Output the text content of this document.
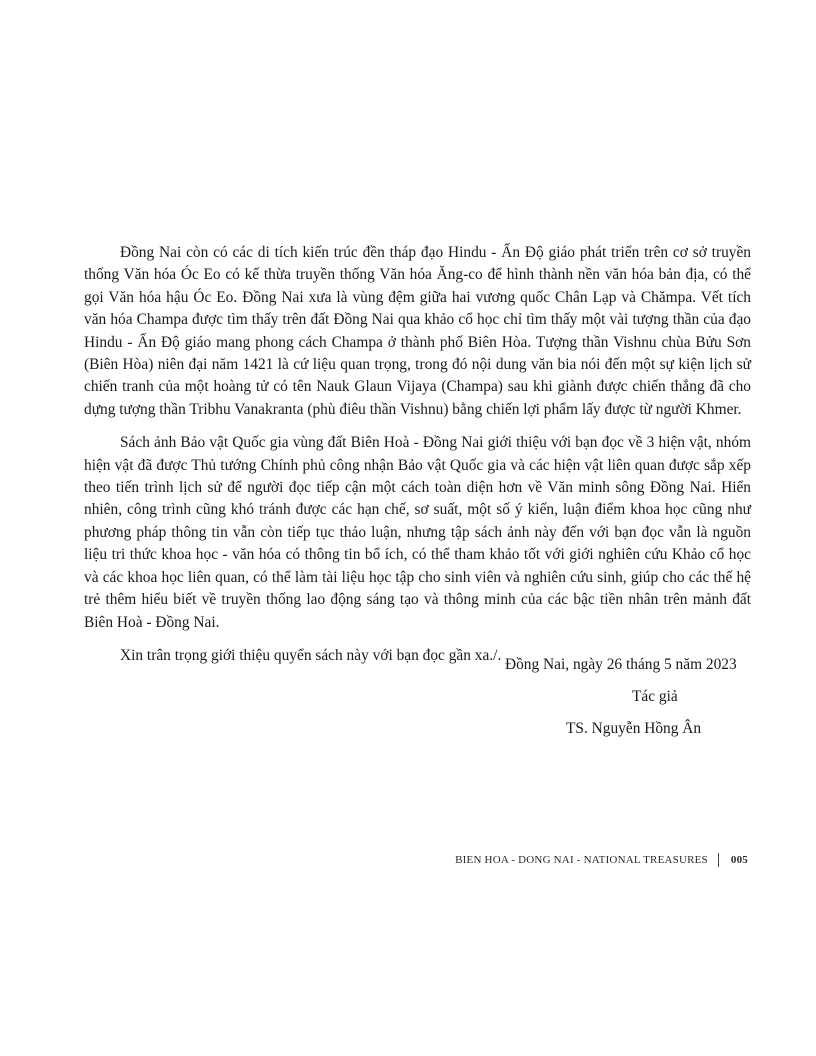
Đồng Nai còn có các di tích kiến trúc đền tháp đạo Hindu - Ấn Độ giáo phát triển trên cơ sở truyền thống Văn hóa Óc Eo có kế thừa truyền thống Văn hóa Ăng-co để hình thành nền văn hóa bản địa, có thể gọi Văn hóa hậu Óc Eo. Đồng Nai xưa là vùng đệm giữa hai vương quốc Chân Lạp và Chămpa. Vết tích văn hóa Champa được tìm thấy trên đất Đồng Nai qua khảo cổ học chỉ tìm thấy một vài tượng thần của đạo Hindu - Ấn Độ giáo mang phong cách Champa ở thành phố Biên Hòa. Tượng thần Vishnu chùa Bửu Sơn (Biên Hòa) niên đại năm 1421 là cứ liệu quan trọng, trong đó nội dung văn bia nói đến một sự kiện lịch sử chiến tranh của một hoàng tử có tên Nauk Glaun Vijaya (Champa) sau khi giành được chiến thắng đã cho dựng tượng thần Tribhu Vanakranta (phù điêu thần Vishnu) bằng chiến lợi phẩm lấy được từ người Khmer.

Sách ảnh Bảo vật Quốc gia vùng đất Biên Hoà - Đồng Nai giới thiệu với bạn đọc về 3 hiện vật, nhóm hiện vật đã được Thủ tướng Chính phủ công nhận Bảo vật Quốc gia và các hiện vật liên quan được sắp xếp theo tiến trình lịch sử để người đọc tiếp cận một cách toàn diện hơn về Văn minh sông Đồng Nai. Hiển nhiên, công trình cũng khó tránh được các hạn chế, sơ suất, một số ý kiến, luận điểm khoa học cũng như phương pháp thông tin vẫn còn tiếp tục thảo luận, nhưng tập sách ảnh này đến với bạn đọc vẫn là nguồn liệu tri thức khoa học - văn hóa có thông tin bổ ích, có thể tham khảo tốt với giới nghiên cứu Khảo cổ học và các khoa học liên quan, có thể làm tài liệu học tập cho sinh viên và nghiên cứu sinh, giúp cho các thế hệ trẻ thêm hiểu biết về truyền thống lao động sáng tạo và thông minh của các bậc tiền nhân trên mảnh đất Biên Hoà - Đồng Nai.

Xin trân trọng giới thiệu quyển sách này với bạn đọc gần xa./.

Đồng Nai, ngày 26 tháng 5 năm 2023
Tác giả
TS. Nguyễn Hồng Ân
BIEN HOA - DONG NAI - NATIONAL TREASURES 005
